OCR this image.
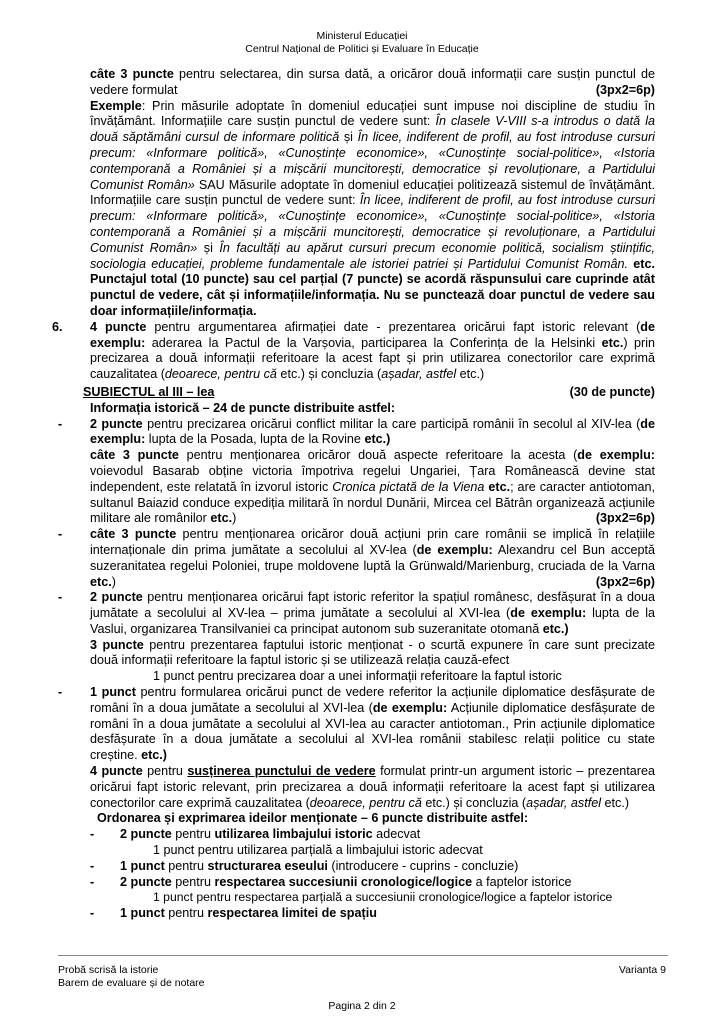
Ministerul Educației
Centrul Național de Politici și Evaluare în Educație

câte 3 puncte pentru selectarea, din sursa dată, a oricăror două informații care susțin punctul de vedere formulat	(3px2=6p)

Exemple: Prin măsurile adoptate în domeniul educației sunt impuse noi discipline de studiu în învățământ. Informațiile care susțin punctul de vedere sunt: În clasele V-VIII s-a introdus o dată la două săptămâni cursul de informare politică și În licee, indiferent de profil, au fost introduse cursuri precum: «Informare politică», «Cunoștințe economice», «Cunoștințe social-politice», «Istoria contemporană a României și a mișcării muncitorești, democratice și revoluționare, a Partidului Comunist Român» SAU Măsurile adoptate în domeniul educației politizează sistemul de învățământ. Informațiile care susțin punctul de vedere sunt: În licee, indiferent de profil, au fost introduse cursuri precum: «Informare politică», «Cunoștințe economice», «Cunoștințe social-politice», «Istoria contemporană a României și a mișcării muncitorești, democratice și revoluționare, a Partidului Comunist Român» și În facultăți au apărut cursuri precum economie politică, socialism științific, sociologia educației, probleme fundamentale ale istoriei patriei și Partidului Comunist Român. etc. Punctajul total (10 puncte) sau cel parțial (7 puncte) se acordă răspunsului care cuprinde atât punctul de vedere, cât și informațiile/informația. Nu se punctează doar punctul de vedere sau doar informațiile/informația.

6.	4 puncte pentru argumentarea afirmației date - prezentarea oricărui fapt istoric relevant (de exemplu: aderarea la Pactul de la Varșovia, participarea la Conferința de la Helsinki etc.) prin precizarea a două informații referitoare la acest fapt și prin utilizarea conectorilor care exprimă cauzalitatea (deoarece, pentru că etc.) și concluzia (așadar, astfel etc.)

SUBIECTUL al III – lea	(30 de puncte)

Informația istorică – 24 de puncte distribuite astfel:

-	2 puncte pentru precizarea oricărui conflict militar la care participă românii în secolul al XIV-lea (de exemplu: lupta de la Posada, lupta de la Rovine etc.)

câte 3 puncte pentru menționarea oricăror două aspecte referitoare la acesta (de exemplu: voievodul Basarab obține victoria împotriva regelui Ungariei, Țara Românească devine stat independent, este relatată în izvorul istoric Cronica pictată de la Viena etc.; are caracter antiotoman, sultanul Baiazid conduce expediția militară în nordul Dunării, Mircea cel Bătrân organizează acțiunile militare ale românilor etc.)	(3px2=6p)

-	câte 3 puncte pentru menționarea oricăror două acțiuni prin care românii se implică în relațiile internaționale din prima jumătate a secolului al XV-lea (de exemplu: Alexandru cel Bun acceptă suzeranitatea regelui Poloniei, trupe moldovene luptă la Grünwald/Marienburg, cruciada de la Varna etc.)	(3px2=6p)

-	2 puncte pentru menționarea oricărui fapt istoric referitor la spațiul românesc, desfășurat în a doua jumătate a secolului al XV-lea – prima jumătate a secolului al XVI-lea (de exemplu: lupta de la Vaslui, organizarea Transilvaniei ca principat autonom sub suzeranitate otomană etc.)

3 puncte pentru prezentarea faptului istoric menționat - o scurtă expunere în care sunt precizate două informații referitoare la faptul istoric și se utilizează relația cauză-efect

1 punct pentru precizarea doar a unei informații referitoare la faptul istoric

-	1 punct pentru formularea oricărui punct de vedere referitor la acțiunile diplomatice desfășurate de români în a doua jumătate a secolului al XVI-lea (de exemplu: Acțiunile diplomatice desfășurate de români în a doua jumătate a secolului al XVI-lea au caracter antiotoman., Prin acțiunile diplomatice desfășurate în a doua jumătate a secolului al XVI-lea românii stabilesc relații politice cu state creștine. etc.)

4 puncte pentru susținerea punctului de vedere formulat printr-un argument istoric – prezentarea oricărui fapt istoric relevant, prin precizarea a două informații referitoare la acest fapt și utilizarea conectorilor care exprimă cauzalitatea (deoarece, pentru că etc.) și concluzia (așadar, astfel etc.)

Ordonarea și exprimarea ideilor menționate – 6 puncte distribuite astfel:

- 2 puncte pentru utilizarea limbajului istoric adecvat

1 punct pentru utilizarea parțială a limbajului istoric adecvat

- 1 punct pentru structurarea eseului (introducere - cuprins - concluzie)
- 2 puncte pentru respectarea succesiunii cronologice/logice a faptelor istorice

1 punct pentru respectarea parțială a succesiunii cronologice/logice a faptelor istorice

- 1 punct pentru respectarea limitei de spațiu
Probă scrisă la istorie
Barem de evaluare și de notare
Varianta 9
Pagina 2 din 2
